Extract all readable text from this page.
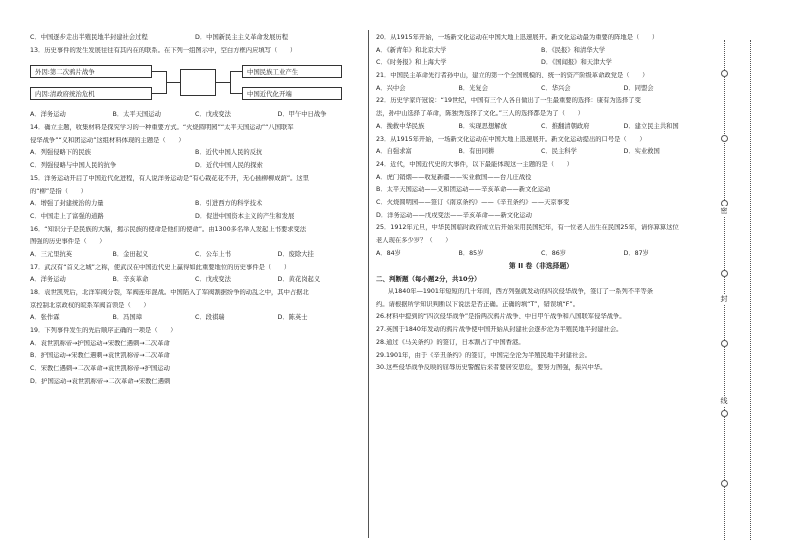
C．中国逐步走出半殖民地半封建社会过程	D．中国新民主主义革命发展历程
13．历史事件的发生发展往往有其内在的联系。在下列一组图示中，空白方框内应填写（　　）
外因:第二次鸦片战争
内因:清政府统治危机
中国民族工业产生
中国近代化开端
A．洋务运动	B．太平天国运动	C．戊戌变法	D．甲午中日战争
14．确立主题，收集材料是探究学习的一种重要方式。“火烧圆明园”“太平天国运动”“八国联军
侵华战争”“义和团运动”这组材料体现的主题是（　　）
A．列强侵略下的民族	B．近代中国人民的反抗
C．列强侵略与中国人民的抗争	D．近代中国人民的探索
15．洋务运动开启了中国近代化进程，有人说洋务运动是“有心栽花花不开，无心插柳柳成荫”。这里
的“柳”是指（　　）
A．增强了封建统治的力量	B．引进西方的科学技术
C．中国走上了富强的道路	D．促进中国资本主义的产生和发展
16．“知识分子是民族的大脑，揭示民族的使命是他们的使命”。由1300多名举人发起上书要求变法
图强的历史事件是（　　）
A．三元里抗英	B．金田起义	C．公车上书	D．废除大挂
17．武汉有“首义之城”之称，使武汉在中国近代史上赢得如此重要地位的历史事件是（　　）
A．洋务运动	B．辛亥革命	C．戊戌变法	D．黄花岗起义
18．袁世凯死后，北洋军阀分裂，军阀连年混战。中国陷入了军阀割据纷争的动乱之中，其中占据北
京控制北京政权的皖系军阀首领是（　　）
A．张作霖	B．冯国璋	C．段祺瑞	D．陈英士
19．下列事件发生的先后顺序正确的一项是（　　）
A．袁世凯称帝→护国运动→宋教仁遇刺→二次革命
B．护国运动→宋教仁遇刺→袁世凯称帝→二次革命
C．宋教仁遇刺→二次革命→袁世凯称帝→护国运动
D．护国运动→袁世凯称帝→二次革命→宋教仁遇刺
20．从1915年开始，一场新文化运动在中国大地上迅速展开。新文化运动最为重要的阵地是（　　）
A．《新青年》和北京大学	B．《民报》和清华大学
C．《时务报》和上海大学	D．《国闻报》和天津大学
21．中国民主革命先行者孙中山，建立的第一个全国规模的、统一的资产阶级革命政党是（　　）
A．兴中会	B．光复会	C．华兴会	D．同盟会
22．历史学家许冠说：“19世纪，中国有三个人各自做出了一生最重要的选择：康有为选择了变
法，孙中山选择了革命，陈独秀选择了文化。”三人的选择都是为了（　　）
A．挽救中华民族	B．实现思想解放	C．推翻清朝政府	D．建立民主共和国
23．从1915年开始，一场新文化运动在中国大地上迅速展开。新文化运动提出的口号是（　　）
A．自强求富	B．有田同耕	C．民主科学	D．实业救国
24．近代，中国近代史的大事件，以下最能体现这一主题的是（　　）
A．虎门销烟——收复新疆——实业救国——台儿庄战役
B．太平天国运动——义和团运动——辛亥革命——新文化运动
C．火烧圆明园——签订《南京条约》——《辛丑条约》——天京事变
D．洋务运动——戊戌变法——辛亥革命——新文化运动
25．1912年元旦，中华民国临时政府成立后开始采用民国纪年，有一位老人出生在民国25年，请你算算这位
老人现在多少岁？（　　）
A．84岁	B．85岁	C．86岁	D．87岁
第 II 卷（非选择题）
二、判断题（每小题2分，共10分）
从1840年—1901年短短的几十年间，西方列强就发动的四次侵华战争，签订了一系列不平等条
约。请根据所学知识判断以下说法是否正确。正确的填“T”，错误填“F”。
26.材料中提到的“四次侵华战争”是指两次鸦片战争、中日甲午战争和八国联军侵华战争。
27.英国于1840年发动的鸦片战争使中国开始从封建社会逐步沦为半殖民地半封建社会。
28.通过《马关条约》的签订，日本割占了中国香港。
29.1901年，由于《辛丑条约》的签订，中国完全沦为半殖民地半封建社会。
30.这些侵华战争反映的屈辱历史警醒后来者要居安思危，要努力图强，振兴中华。
密
封
线
